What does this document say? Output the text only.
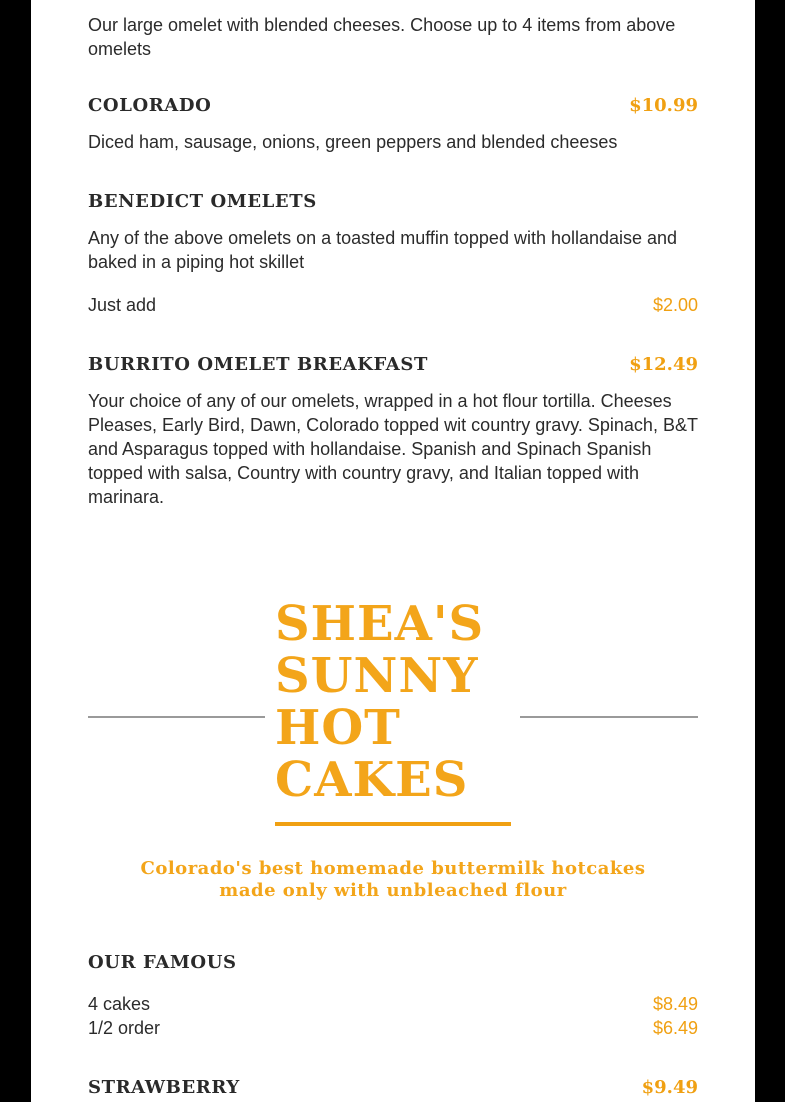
Our large omelet with blended cheeses. Choose up to 4 items from above omelets
COLORADO	$10.99
Diced ham, sausage, onions, green peppers and blended cheeses
BENEDICT OMELETS
Any of the above omelets on a toasted muffin topped with hollandaise and baked in a piping hot skillet
Just add	$2.00
BURRITO OMELET BREAKFAST	$12.49
Your choice of any of our omelets, wrapped in a hot flour tortilla. Cheeses Pleases, Early Bird, Dawn, Colorado topped wit country gravy. Spinach, B&T and Asparagus topped with hollandaise. Spanish and Spinach Spanish topped with salsa, Country with country gravy, and Italian topped with marinara.
SHEA'S
SUNNY
HOT
CAKES
Colorado's best homemade buttermilk hotcakes
made only with unbleached flour
OUR FAMOUS
4 cakes	$8.49
1/2 order	$6.49
STRAWBERRY	$9.49
